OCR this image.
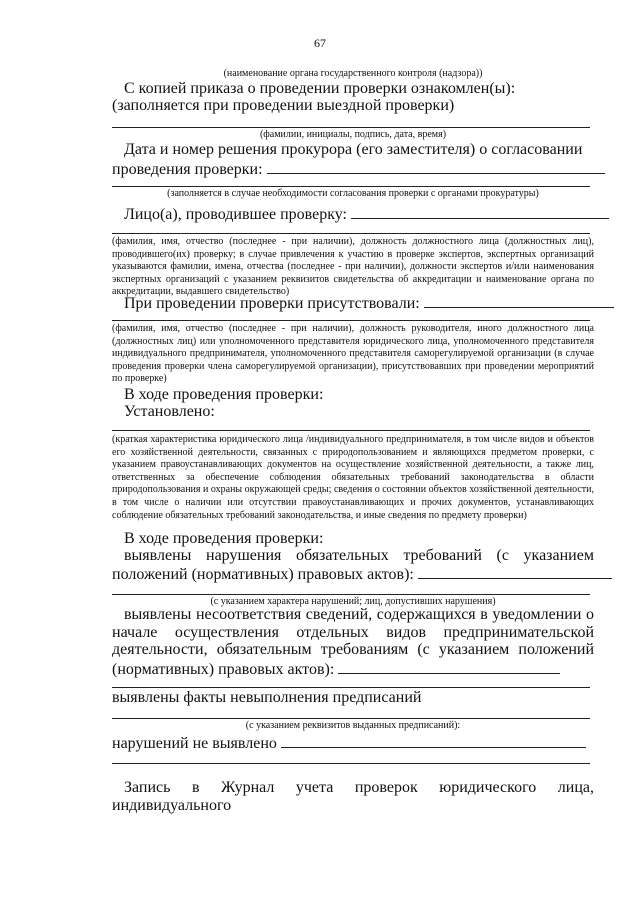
67
(наименование органа государственного контроля (надзора))
С копией приказа о проведении проверки ознакомлен(ы):
(заполняется при проведении выездной проверки)
(фамилии, инициалы, подпись, дата, время)
Дата и номер решения прокурора (его заместителя) о согласовании
проведения проверки:
(заполняется в случае необходимости согласования проверки с органами прокуратуры)
Лицо(а), проводившее проверку:
(фамилия, имя, отчество (последнее - при наличии), должность должностного лица (должностных лиц), проводившего(их) проверку; в случае привлечения к участию в проверке экспертов, экспертных организаций указываются фамилии, имена, отчества (последнее - при наличии), должности экспертов и/или наименования экспертных организаций с указанием реквизитов свидетельства об аккредитации и наименование органа по аккредитации, выдавшего свидетельство)
При проведении проверки присутствовали:
(фамилия, имя, отчество (последнее - при наличии), должность руководителя, иного должностного лица (должностных лиц) или уполномоченного представителя юридического лица, уполномоченного представителя индивидуального предпринимателя, уполномоченного представителя саморегулируемой организации (в случае проведения проверки члена саморегулируемой организации), присутствовавших при проведении мероприятий по проверке)
В ходе проведения проверки:
Установлено:
(краткая характеристика юридического лица /индивидуального предпринимателя, в том числе видов и объектов его хозяйственной деятельности, связанных с природопользованием и являющихся предметом проверки, с указанием правоустанавливающих документов на осуществление хозяйственной деятельности, а также лиц, ответственных за обеспечение соблюдения обязательных требований законодательства в области природопользования и охраны окружающей среды; сведения о состоянии объектов хозяйственной деятельности, в том числе о наличии или отсутствии правоустанавливающих и прочих документов, устанавливающих соблюдение обязательных требований законодательства, и иные сведения по предмету проверки)
В ходе проведения проверки:
выявлены нарушения обязательных требований (с указанием
положений (нормативных) правовых актов):
(с указанием характера нарушений; лиц, допустивших нарушения)
выявлены несоответствия сведений, содержащихся в уведомлении о начале осуществления отдельных видов предпринимательской деятельности, обязательным требованиям (с указанием положений (нормативных) правовых актов):
выявлены факты невыполнения предписаний
(с указанием реквизитов выданных предписаний):
нарушений не выявлено
Запись в Журнал учета проверок юридического лица, индивидуального
